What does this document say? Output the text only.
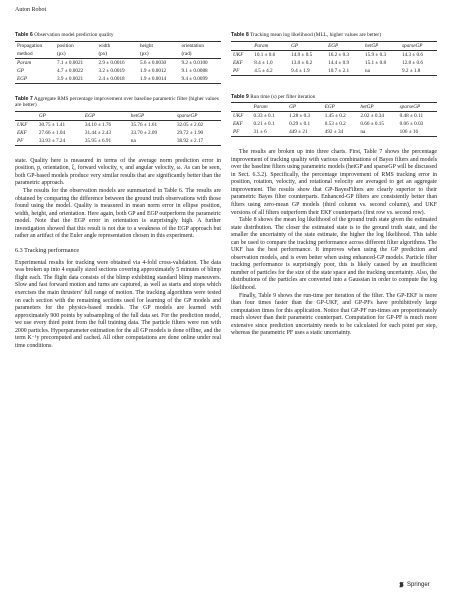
Auton Robot
Table 6 Observation model prediction quality
Propagation	position	width	height	orientation
method	(px)	(px)	(px)	(rad)
Param	7.1 ± 0.0021	2.9 ± 0.0016	5.6 ± 0.0030	9.2 ± 0.0100
GP	4.7 ± 0.0022	3.2 ± 0.0019	1.9 ± 0.0012	9.1 ± 0.0088
EGP	3.9 ± 0.0021	2.4 ± 0.0018	1.9 ± 0.0014	9.4 ± 0.0099
Table 7 Aggregate RMS percentage improvement over baseline parametric filter (higher values are better)
	GP	EGP	hetGP	sparseGP
UKF	30.75 ± 1.41	34.10 ± 1.76	35.76 ± 1.61	32.05 ± 2.02
EKF	27.66 ± 1.04	31.44 ± 2.43	33.70 ± 2.09	29.72 ± 1.90
PF	33.93 ± 7.24	35.95 ± 6.91	na	38.92 ± 2.17

state. Quality here is measured in terms of the average norm prediction error in position, p, orientation, ξ, forward velocity, v, and angular velocity, ω. As can be seen, both GP-based models produce very similar results that are significantly better than the parametric approach.

The results for the observation models are summarized in Table 6. The results are obtained by comparing the difference between the ground truth observations with those found using the model. Quality is measured in mean norm error in ellipse position, width, height, and orientation. Here again, both GP and EGP outperform the parametric model. Note that the EGP error in orientation is surprisingly high. A further investigation showed that this result is not due to a weakness of the EGP approach but rather an artifact of the Euler angle representation chosen in this experiment.

6.3 Tracking performance

Experimental results for tracking were obtained via 4-fold cross-validation. The data was broken up into 4 equally sized sections covering approximately 5 minutes of blimp flight each. The flight data consists of the blimp exhibiting standard blimp maneuvers. Slow and fast forward motion and turns are captured, as well as starts and stops which exercises the main thrusters’ full range of motion. The tracking algorithms were tested on each section with the remaining sections used for learning of the GP models and parameters for the physics-based models. The GP models are learned with approximately 900 points by subsampling of the full data set. For the prediction model, we use every third point from the full training data. The particle filters were run with 2000 particles. Hyperparameter estimation for the all GP models is done offline, and the term K⁻¹y precomputed and cached. All other computations are done online under real time conditions.

Table 8 Tracking mean log likelihood (MLL, higher values are better)
	Param	GP	EGP	hetGP	sparseGP
UKF	10.1 ± 0.6	14.9 ± 0.5	16.2 ± 0.3	15.9 ± 0.3	14.3 ± 0.6
EKF	8.4 ± 1.0	13.0 ± 0.2	14.4 ± 0.9	15.1 ± 0.8	12.8 ± 0.6
PF	4.5 ± 4.2	9.4 ± 1.9	10.7 ± 2.1	na	9.2 ± 1.8
Table 9 Run time (s) per filter iteration
	Param	GP	EGP	hetGP	sparseGP
UKF	0.33 ± 0.1	1.28 ± 0.3	1.45 ± 0.2	2.02 ± 0.34	0.48 ± 0.11
EKF	0.21 ± 0.1	0.29 ± 0.1	0.53 ± 0.2	0.66 ± 0.15	0.06 ± 0.03
PF	31 ± 6	449 ± 21	492 ± 34	na	106 ± 16

The results are broken up into three charts. First, Table 7 shows the percentage improvement of tracking quality with various combinations of Bayes filters and models over the baseline filters using parametric models (hetGP and sparseGP will be discussed in Sect. 6.3.2). Specifically, the percentage improvement of RMS tracking error in position, rotation, velocity, and rotational velocity are averaged to get an aggregate improvement. The results show that GP-BayesFilters are clearly superior to their parametric Bayes filter counterparts. Enhanced-GP filters are consistently better than filters using zero-mean GP models (third column vs. second column), and UKF versions of all filters outperform their EKF counterparts (first row vs. second row).

Table 8 shows the mean log likelihood of the ground truth state given the estimated state distribution. The closer the estimated state is to the ground truth state, and the smaller the uncertainty of the state estimate, the higher the log likelihood. This table can be used to compare the tracking performance across different filter algorithms. The UKF has the best performance. It improves when using the GP prediction and observation models, and is even better when using enhanced-GP models. Particle filter tracking performance is surprisingly poor, this is likely caused by an insufficient number of particles for the size of the state space and the tracking uncertainty. Also, the distributions of the particles are converted into a Gaussian in order to compute the log likelihood.

Finally, Table 9 shows the run-time per iteration of the filter. The GP-EKF is more than four times faster than the GP-UKF, and GP-PFs have prohibitively large computation times for this application. Notice that GP-PF run-times are proportionately much slower than their parametric counterpart. Computation for GP-PF is much more extensive since prediction uncertainty needs to be calculated for each point per step, whereas the parametric PF uses a static uncertainty.

Springer
